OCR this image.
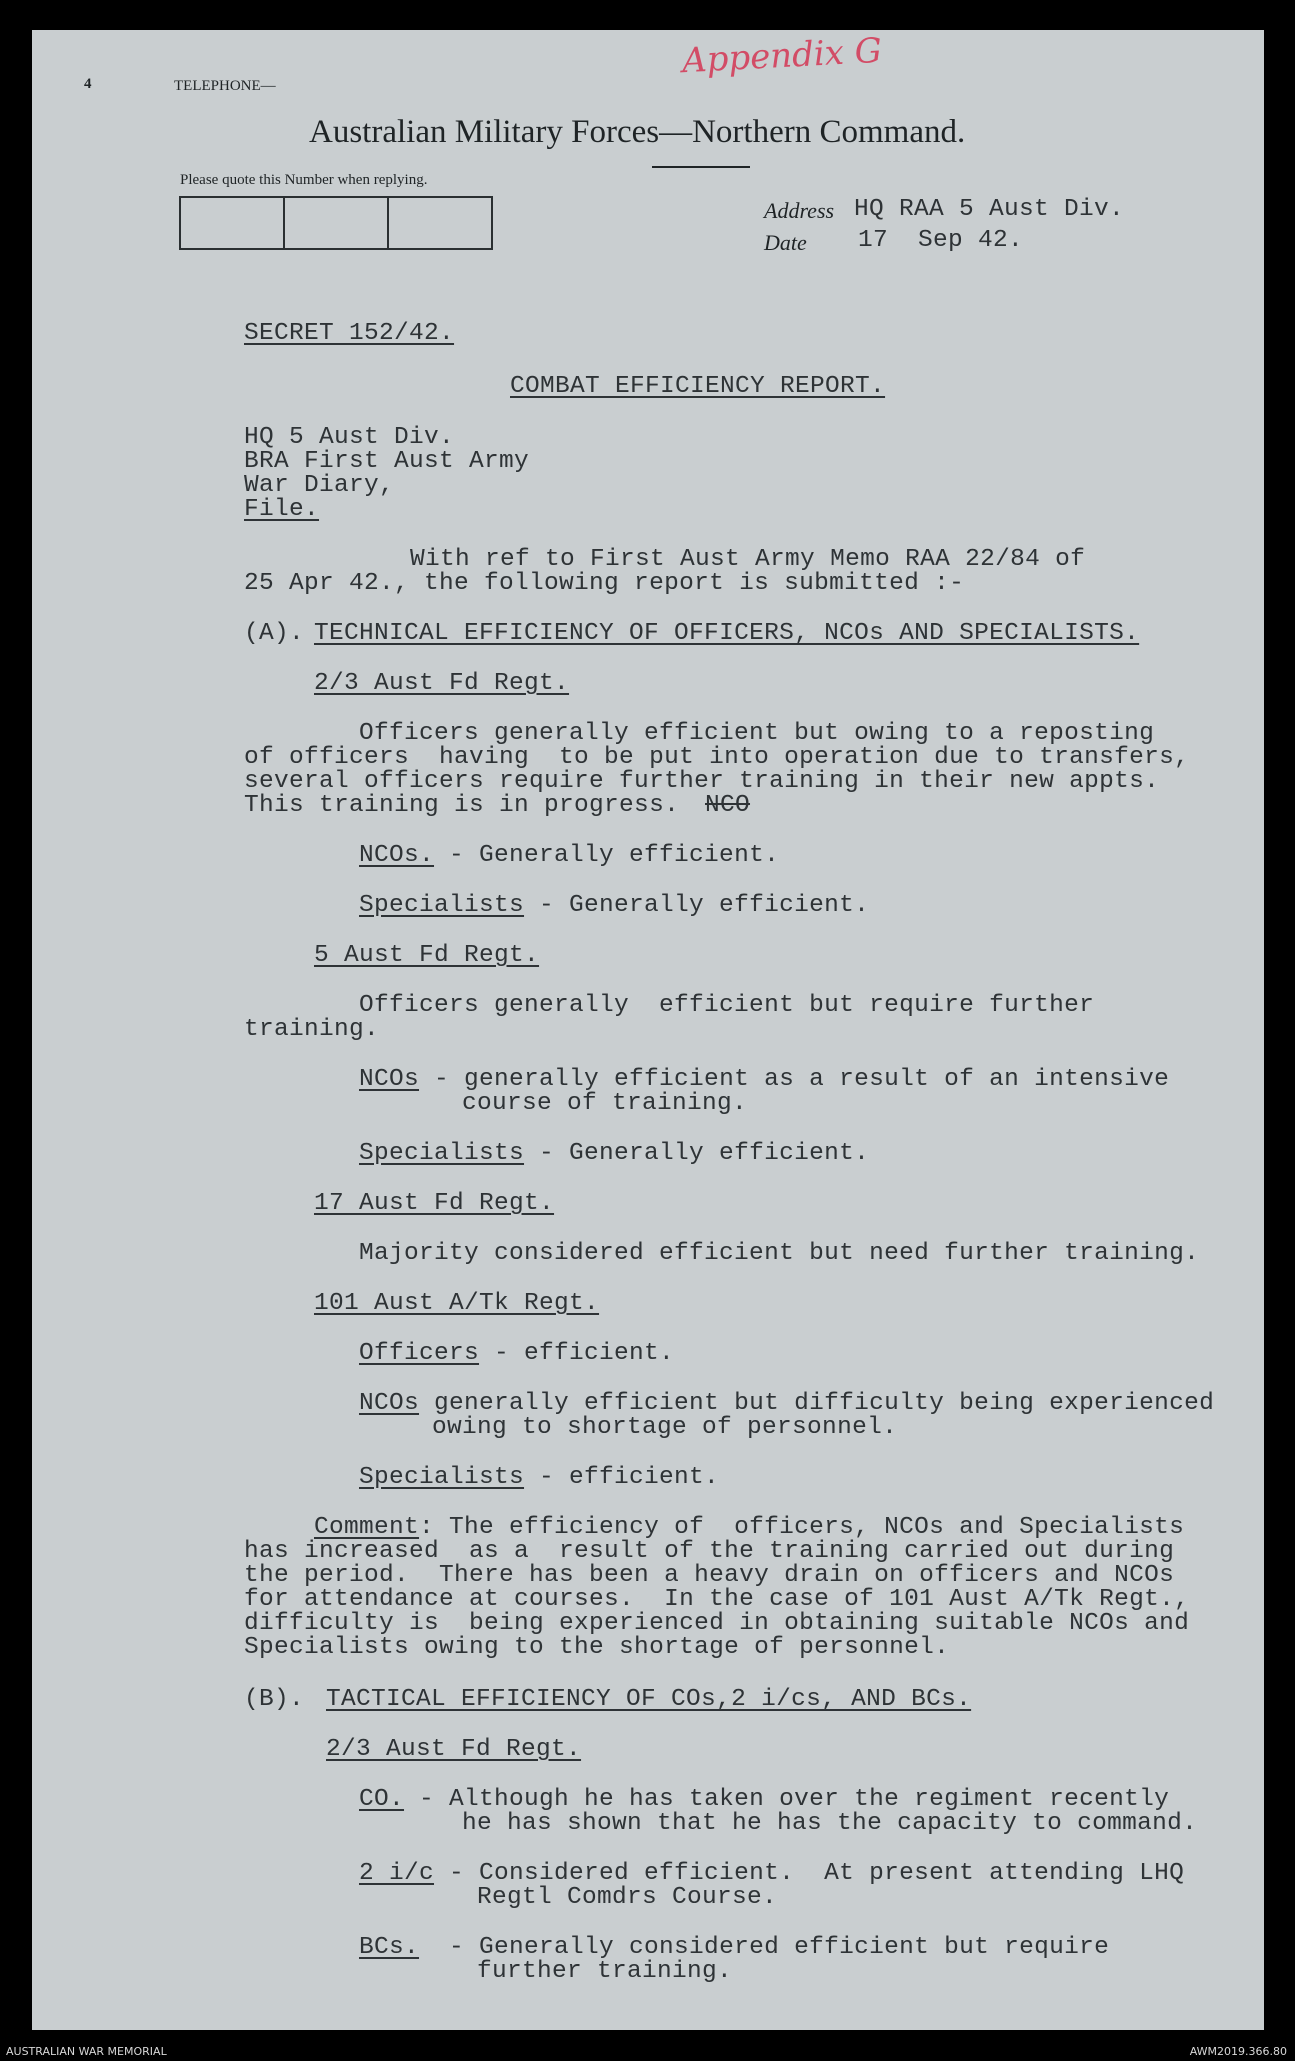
Appendix G
4	TELEPHONE—
Australian Military Forces—Northern Command.
Please quote this Number when replying.
Address HQ RAA 5 Aust Div.
Date 17  Sep 42.
SECRET 152/42.
COMBAT EFFICIENCY REPORT.
HQ 5 Aust Div.
BRA First Aust Army
War Diary,
File.
With ref to First Aust Army Memo RAA 22/84 of
25 Apr 42., the following report is submitted :-
(A). TECHNICAL EFFICIENCY OF OFFICERS, NCOs AND SPECIALISTS.
2/3 Aust Fd Regt.
Officers generally efficient but owing to a reposting
of officers  having  to be put into operation due to transfers,
several officers require further training in their new appts.
This training is in progress. NCO
NCOs. - Generally efficient.
Specialists - Generally efficient.
5 Aust Fd Regt.
Officers generally  efficient but require further
training.
NCOs - generally efficient as a result of an intensive
course of training.
Specialists - Generally efficient.
17 Aust Fd Regt.
Majority considered efficient but need further training.
101 Aust A/Tk Regt.
Officers - efficient.
NCOs generally efficient but difficulty being experienced
owing to shortage of personnel.
Specialists - efficient.
Comment: The efficiency of  officers, NCOs and Specialists
has increased  as a  result of the training carried out during
the period.  There has been a heavy drain on officers and NCOs
for attendance at courses.  In the case of 101 Aust A/Tk Regt.,
difficulty is  being experienced in obtaining suitable NCOs and
Specialists owing to the shortage of personnel.
(B). TACTICAL EFFICIENCY OF COs,2 i/cs, AND BCs.
2/3 Aust Fd Regt.
CO. - Although he has taken over the regiment recently
he has shown that he has the capacity to command.
2 i/c - Considered efficient.  At present attending LHQ
Regtl Comdrs Course.
BCs.  - Generally considered efficient but require
further training.
AUSTRALIAN WAR MEMORIAL	AWM2019.366.80
